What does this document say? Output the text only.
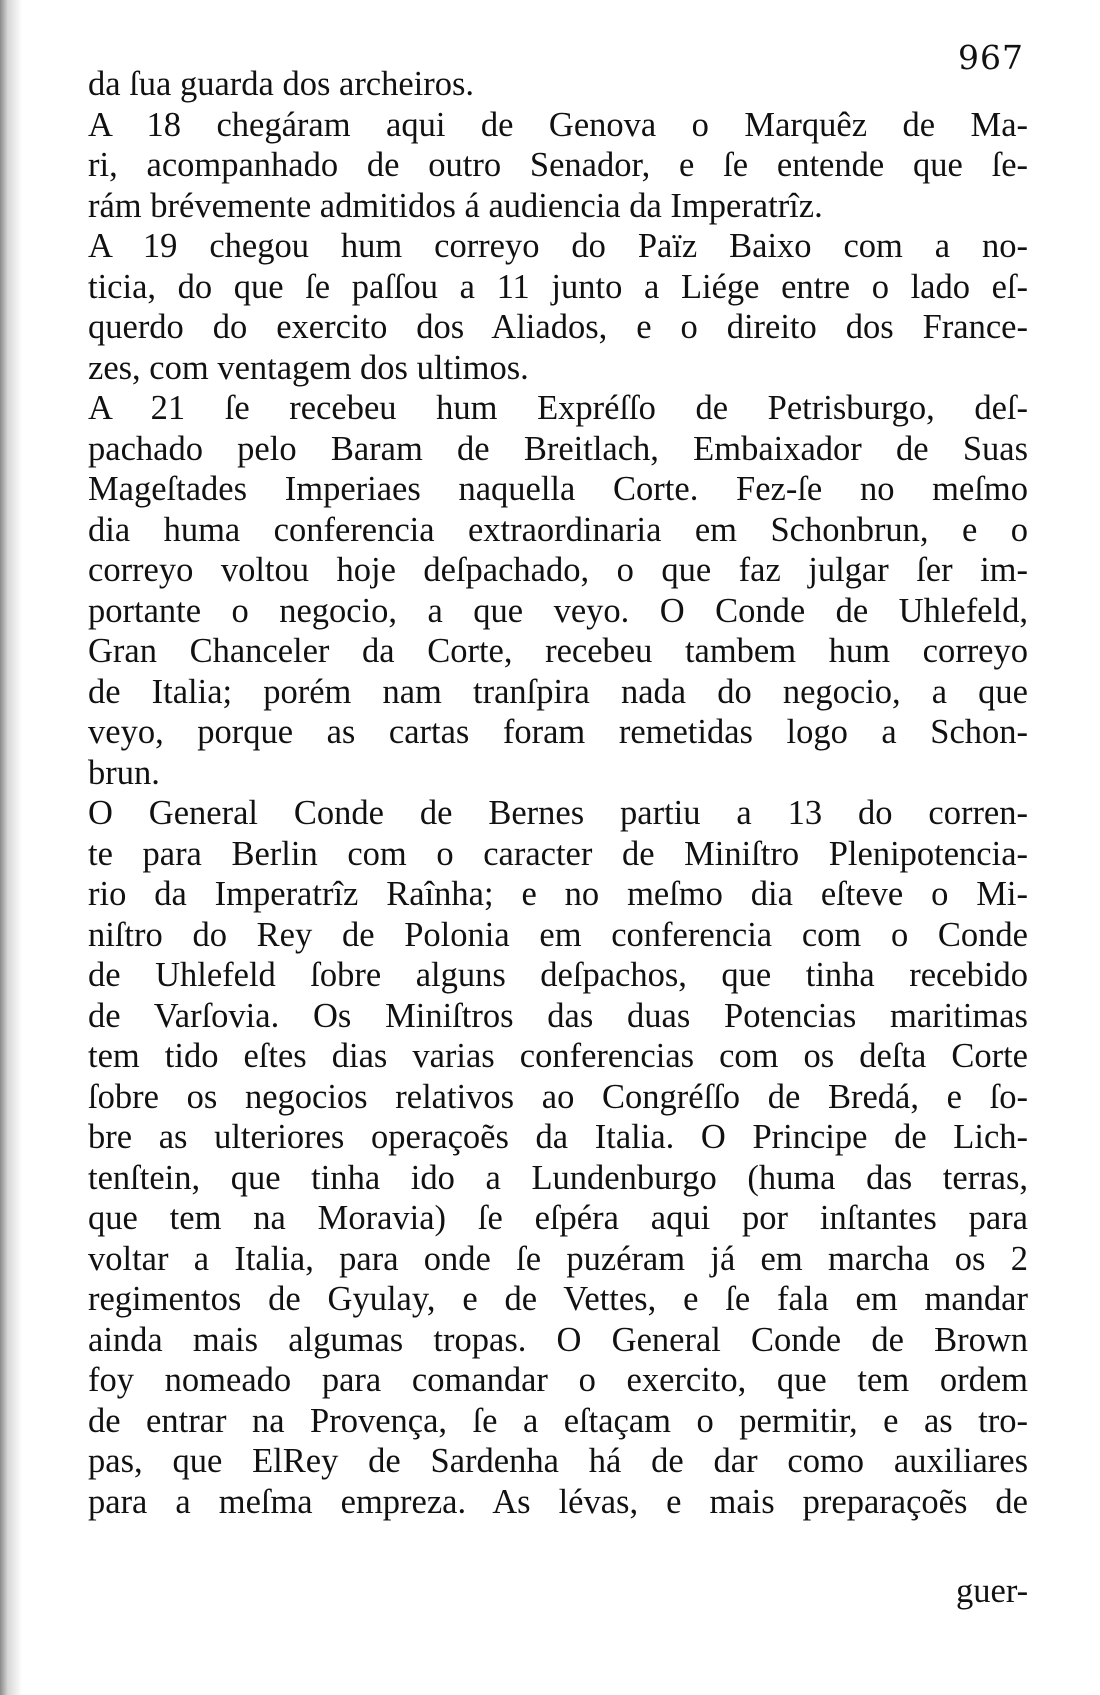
967
da ſua guarda dos archeiros.
A 18 chegáram aqui de Genova o Marquêz de Ma-
ri, acompanhado de outro Senador, e ſe entende que ſe-
rám brévemente admitidos á audiencia da Imperatrîz.
A 19 chegou hum correyo do Païz Baixo com a no-
ticia, do que ſe paſſou a 11 junto a Liége entre o lado eſ-
querdo do exercito dos Aliados, e o direito dos France-
zes, com ventagem dos ultimos.
A 21 ſe recebeu hum Expréſſo de Petrisburgo, deſ-
pachado pelo Baram de Breitlach, Embaixador de Suas
Mageſtades Imperiaes naquella Corte. Fez-ſe no meſmo
dia huma conferencia extraordinaria em Schonbrun, e o
correyo voltou hoje deſpachado, o que faz julgar ſer im-
portante o negocio, a que veyo. O Conde de Uhlefeld,
Gran Chanceler da Corte, recebeu tambem hum correyo
de Italia; porém nam tranſpira nada do negocio, a que
veyo, porque as cartas foram remetidas logo a Schon-
brun.
O General Conde de Bernes partiu a 13 do corren-
te para Berlin com o caracter de Miniſtro Plenipotencia-
rio da Imperatrîz Raînha; e no meſmo dia eſteve o Mi-
niſtro do Rey de Polonia em conferencia com o Conde
de Uhlefeld ſobre alguns deſpachos, que tinha recebido
de Varſovia. Os Miniſtros das duas Potencias maritimas
tem tido eſtes dias varias conferencias com os deſta Corte
ſobre os negocios relativos ao Congréſſo de Bredá, e ſo-
bre as ulteriores operaçoẽs da Italia. O Principe de Lich-
tenſtein, que tinha ido a Lundenburgo (huma das terras,
que tem na Moravia) ſe eſpéra aqui por inſtantes para
voltar a Italia, para onde ſe puzéram já em marcha os 2
regimentos de Gyulay, e de Vettes, e ſe fala em mandar
ainda mais algumas tropas. O General Conde de Brown
foy nomeado para comandar o exercito, que tem ordem
de entrar na Provença, ſe a eſtaçam o permitir, e as tro-
pas, que ElRey de Sardenha há de dar como auxiliares
para a meſma empreza. As lévas, e mais preparaçoẽs de
guer-
